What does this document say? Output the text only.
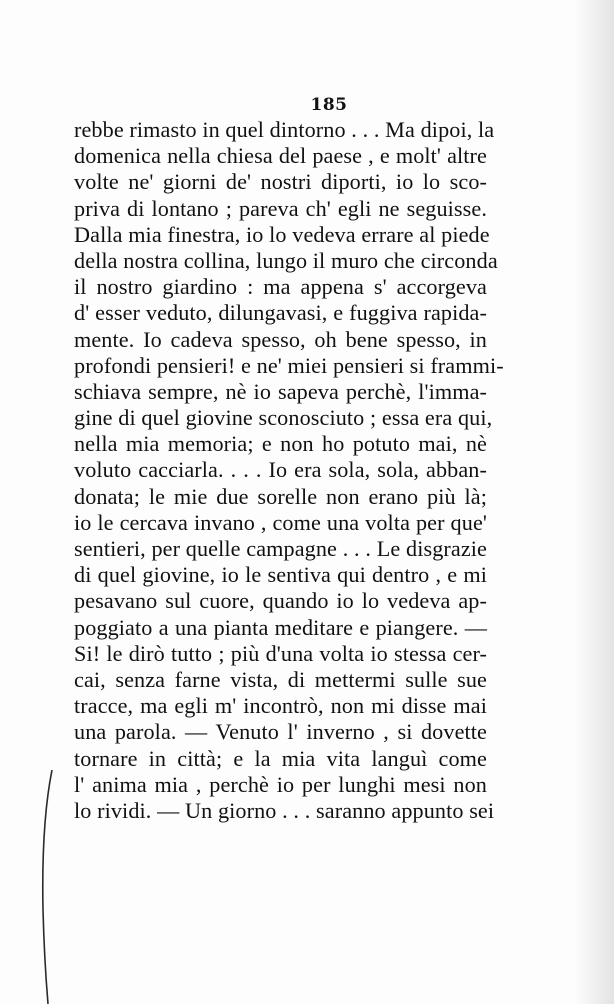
185
rebbe rimasto in quel dintorno . . . Ma dipoi, la
domenica nella chiesa del paese , e molt' altre
volte ne' giorni de' nostri diporti, io lo sco-
priva di lontano ; pareva ch' egli ne seguisse.
Dalla mia finestra, io lo vedeva errare al piede
della nostra collina, lungo il muro che circonda
il nostro giardino : ma appena s' accorgeva
d' esser veduto, dilungavasi, e fuggiva rapida-
mente. Io cadeva spesso, oh bene spesso, in
profondi pensieri! e ne' miei pensieri si frammi-
schiava sempre, nè io sapeva perchè, l'imma-
gine di quel giovine sconosciuto ; essa era qui,
nella mia memoria; e non ho potuto mai, nè
voluto cacciarla. . . . Io era sola, sola, abban-
donata; le mie due sorelle non erano più là;
io le cercava invano , come una volta per que'
sentieri, per quelle campagne . . . Le disgrazie
di quel giovine, io le sentiva qui dentro , e mi
pesavano sul cuore, quando io lo vedeva ap-
poggiato a una pianta meditare e piangere. —
Si! le dirò tutto ; più d'una volta io stessa cer-
cai, senza farne vista, di mettermi sulle sue
tracce, ma egli m' incontrò, non mi disse mai
una parola. — Venuto l' inverno , si dovette
tornare in città; e la mia vita languì come
l' anima mia , perchè io per lunghi mesi non
lo rividi. — Un giorno . . . saranno appunto sei
